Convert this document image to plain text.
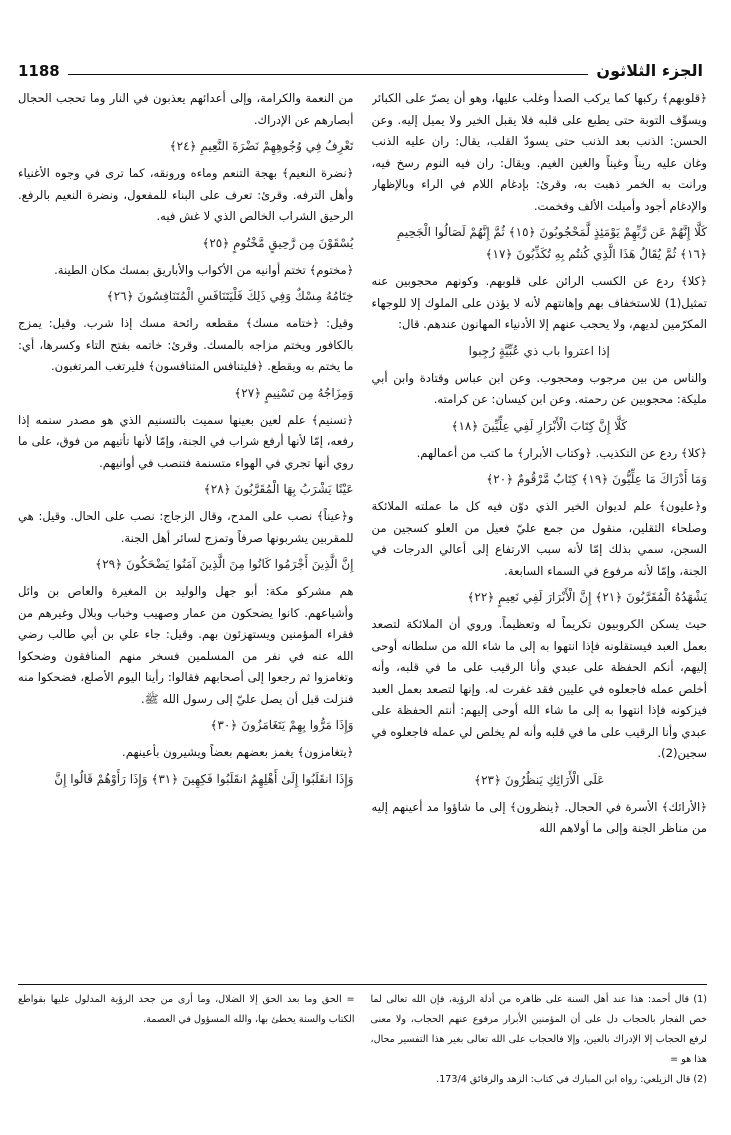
الجزء الثلاثون
1188
﴿قلوبهم﴾ ركبها كما يركب الصدأ وغلب عليها، وهو أن يصرّ على الكبائر ويسوِّف التوبة حتى يطبع على قلبه فلا يقبل الخير ولا يميل إليه. وعن الحسن: الذنب بعد الذنب حتى يسودّ القلب، يقال: ران عليه الذنب وغان عليه ريناً وغيناً والغين الغيم. ويقال: ران فيه النوم رسخ فيه، ورانت به الخمر ذهبت به، وقرئ: بإدغام اللام في الراء وبالإظهار والإدغام أجود وأميلت الألف وفخمت.
كَلَّا إِنَّهُمْ عَن رَّبِّهِمْ يَوْمَئِذٍ لَّمَحْجُوبُونَ ﴿١٥﴾ ثُمَّ إِنَّهُمْ لَصَالُوا الْجَحِيمِ ﴿١٦﴾ ثُمَّ يُقَالُ هَذَا الَّذِي كُنتُم بِهِ تُكَذِّبُونَ ﴿١٧﴾
﴿كلا﴾ ردع عن الكسب الرائن على قلوبهم. وكونهم محجوبين عنه تمثيل(1) للاستخفاف بهم وإهانتهم لأنه لا يؤذن على الملوك إلا للوجهاء المكرّمين لديهم، ولا يحجب عنهم إلا الأدنياء المهانون عندهم. قال:
إذا اعتروا باب ذي عُبِّيَّةٍ رُجِبوا
والناس من بين مرجوب ومحجوب. وعن ابن عباس وقتادة وابن أبي مليكة: محجوبين عن رحمته. وعن ابن كيسان: عن كرامته.
كَلَّا إِنَّ كِتَابَ الْأَبْرَارِ لَفِي عِلِّيِّينَ ﴿١٨﴾
﴿كلا﴾ ردع عن التكذيب. ﴿وكتاب الأبرار﴾ ما كتب من أعمالهم.
وَمَا أَدْرَاكَ مَا عِلِّيُّونَ ﴿١٩﴾ كِتَابٌ مَّرْقُومٌ ﴿٢٠﴾
و﴿عليون﴾ علم لديوان الخير الذي دوّن فيه كل ما عملته الملائكة وصلحاء الثقلين، منقول من جمع عليّ فعيل من العلو كسجين من السجن، سمي بذلك إمّا لأنه سبب الارتفاع إلى أعالي الدرجات في الجنة، وإمّا لأنه مرفوع في السماء السابعة.
يَشْهَدُهُ الْمُقَرَّبُونَ ﴿٢١﴾ إِنَّ الْأَبْرَارَ لَفِي نَعِيمٍ ﴿٢٢﴾
حيث يسكن الكروبيون تكريماً له وتعظيماً. وروي أن الملائكة لتصعد بعمل العبد فيستقلونه فإذا انتهوا به إلى ما شاء الله من سلطانه أوحى إليهم، أنكم الحفظة على عبدي وأنا الرقيب على ما في قلبه، وأنه أخلص عمله فاجعلوه في عليين فقد غفرت له. وإنها لتصعد بعمل العبد فيزكونه فإذا انتهوا به إلى ما شاء الله أوحى إليهم: أنتم الحفظة على عبدي وأنا الرقيب على ما في قلبه وأنه لم يخلص لي عمله فاجعلوه في سجين(2).
عَلَى الْأَرَائِكِ يَنظُرُونَ ﴿٢٣﴾
﴿الأرائك﴾ الأسرة في الحجال. ﴿ينظرون﴾ إلى ما شاؤوا مد أعينهم إليه من مناظر الجنة وإلى ما أولاهم الله
من النعمة والكرامة، وإلى أعدائهم يعذبون في النار وما تحجب الحجال أبصارهم عن الإدراك.
تَعْرِفُ فِي وُجُوهِهِمْ نَضْرَةَ النَّعِيمِ ﴿٢٤﴾
﴿نضرة النعيم﴾ بهجة التنعم وماءه ورونقه، كما ترى في وجوه الأغنياء وأهل الترفه. وقرئ: تعرف على البناء للمفعول، ونضرة النعيم بالرفع. الرحيق الشراب الخالص الذي لا غش فيه.
يُسْقَوْنَ مِن رَّحِيقٍ مَّخْتُومٍ ﴿٢٥﴾
﴿مختوم﴾ تختم أوانيه من الأكواب والأباريق بمسك مكان الطينة.
خِتَامُهُ مِسْكٌ وَفِي ذَلِكَ فَلْيَتَنَافَسِ الْمُتَنَافِسُونَ ﴿٢٦﴾
وقيل: ﴿ختامه مسك﴾ مقطعه رائحة مسك إذا شرب. وقيل: يمزج بالكافور ويختم مزاجه بالمسك. وقرئ: خاتمه بفتح التاء وكسرها، أي: ما يختم به ويقطع. ﴿فليتنافس المتنافسون﴾ فليرتغب المرتغبون.
وَمِزَاجُهُ مِن تَسْنِيمٍ ﴿٢٧﴾
﴿تسنيم﴾ علم لعين بعينها سميت بالتسنيم الذي هو مصدر سنمه إذا رفعه، إمّا لأنها أرفع شراب في الجنة، وإمّا لأنها تأتيهم من فوق، على ما روي أنها تجري في الهواء متسنمة فتنصب في أوانيهم.
عَيْنًا يَشْرَبُ بِهَا الْمُقَرَّبُونَ ﴿٢٨﴾
و﴿عيناً﴾ نصب على المدح، وقال الزجاج: نصب على الحال. وقيل: هي للمقربين يشربونها صرفاً وتمزج لسائر أهل الجنة.
إِنَّ الَّذِينَ أَجْرَمُوا كَانُوا مِنَ الَّذِينَ آمَنُوا يَضْحَكُونَ ﴿٢٩﴾
هم مشركو مكة: أبو جهل والوليد بن المغيرة والعاص بن وائل وأشياعهم. كانوا يضحكون من عمار وصهيب وخباب وبلال وغيرهم من فقراء المؤمنين ويستهزئون بهم. وقيل: جاء علي بن أبي طالب رضي الله عنه في نفر من المسلمين فسخر منهم المنافقون وضحكوا وتغامزوا ثم رجعوا إلى أصحابهم فقالوا: رأينا اليوم الأصلع، فضحكوا منه فنزلت قبل أن يصل عليّ إلى رسول الله ﷺ.
وَإِذَا مَرُّوا بِهِمْ يَتَغَامَزُونَ ﴿٣٠﴾
﴿يتغامزون﴾ يغمز بعضهم بعضاً ويشيرون بأعينهم.
وَإِذَا انقَلَبُوا إِلَىٰ أَهْلِهِمُ انقَلَبُوا فَكِهِينَ ﴿٣١﴾ وَإِذَا رَأَوْهُمْ قَالُوا إِنَّ
(1) قال أحمد: هذا عند أهل السنة على ظاهره من أدلة الرؤية، فإن الله تعالى لما خص الفجار بالحجاب دل على أن المؤمنين الأبرار مرفوع عنهم الحجاب، ولا معنى لرفع الحجاب إلا الإدراك بالعين، وإلا فالحجاب على الله تعالى بغير هذا التفسير محال، هذا هو =
(2) قال الزيلعي: رواه ابن المبارك في كتاب: الزهد والرقائق 173/4.
= الحق وما بعد الحق إلا الضلال، وما أرى من جحد الرؤية المدلول عليها بقواطع الكتاب والسنة يخطئ بها، والله المسؤول في العصمة.
